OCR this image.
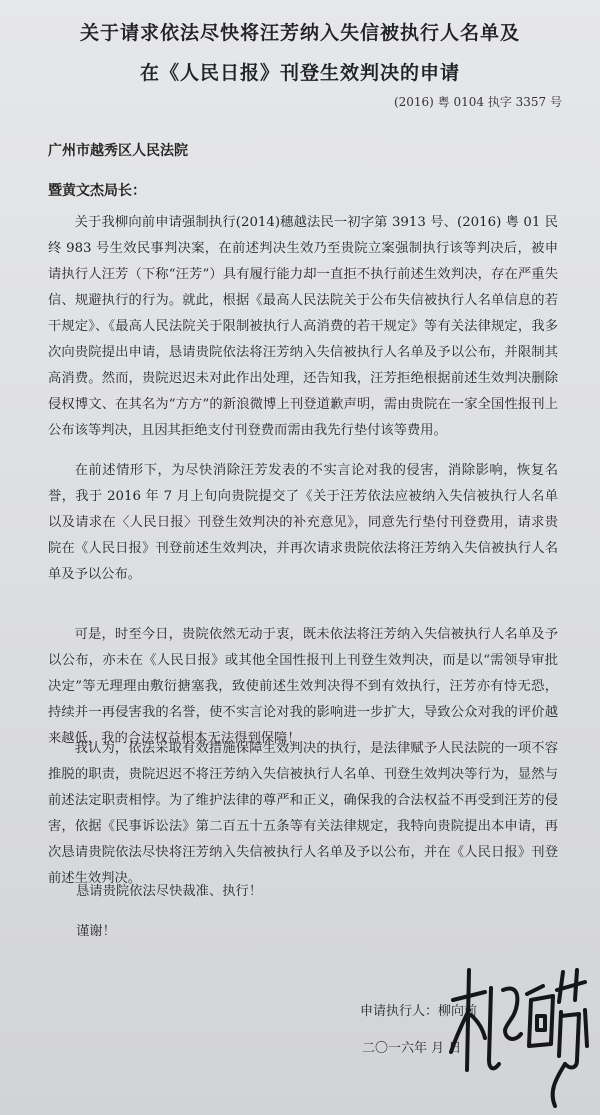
关于请求依法尽快将汪芳纳入失信被执行人名单及
在《人民日报》刊登生效判决的申请
(2016) 粤 0104 执字 3357 号
广州市越秀区人民法院
暨黄文杰局长：

关于我柳向前申请强制执行(2014)穗越法民一初字第 3913 号、(2016) 粤 01 民终 983 号生效民事判决案，在前述判决生效乃至贵院立案强制执行该等判决后，被申请执行人汪芳（下称“汪芳”）具有履行能力却一直拒不执行前述生效判决，存在严重失信、规避执行的行为。就此，根据《最高人民法院关于公布失信被执行人名单信息的若干规定》、《最高人民法院关于限制被执行人高消费的若干规定》等有关法律规定，我多次向贵院提出申请，恳请贵院依法将汪芳纳入失信被执行人名单及予以公布，并限制其高消费。然而，贵院迟迟未对此作出处理，还告知我，汪芳拒绝根据前述生效判决删除侵权博文、在其名为“方方”的新浪微博上刊登道歉声明，需由贵院在一家全国性报刊上公布该等判决，且因其拒绝支付刊登费而需由我先行垫付该等费用。

在前述情形下，为尽快消除汪芳发表的不实言论对我的侵害，消除影响，恢复名誉，我于 2016 年 7 月上旬向贵院提交了《关于汪芳依法应被纳入失信被执行人名单以及请求在〈人民日报〉刊登生效判决的补充意见》，同意先行垫付刊登费用，请求贵院在《人民日报》刊登前述生效判决，并再次请求贵院依法将汪芳纳入失信被执行人名单及予以公布。

可是，时至今日，贵院依然无动于衷，既未依法将汪芳纳入失信被执行人名单及予以公布，亦未在《人民日报》或其他全国性报刊上刊登生效判决，而是以“需领导审批决定”等无理理由敷衍搪塞我，致使前述生效判决得不到有效执行，汪芳亦有恃无恐，持续并一再侵害我的名誉，使不实言论对我的影响进一步扩大，导致公众对我的评价越来越低，我的合法权益根本无法得到保障！

我认为，依法采取有效措施保障生效判决的执行，是法律赋予人民法院的一项不容推脱的职责，贵院迟迟不将汪芳纳入失信被执行人名单、刊登生效判决等行为，显然与前述法定职责相悖。为了维护法律的尊严和正义，确保我的合法权益不再受到汪芳的侵害，依据《民事诉讼法》第二百五十五条等有关法律规定，我特向贵院提出本申请，再次恳请贵院依法尽快将汪芳纳入失信被执行人名单及予以公布，并在《人民日报》刊登前述生效判决。

恳请贵院依法尽快裁准、执行！
谨谢！
申请执行人：柳向前
二〇一六年 月 日
